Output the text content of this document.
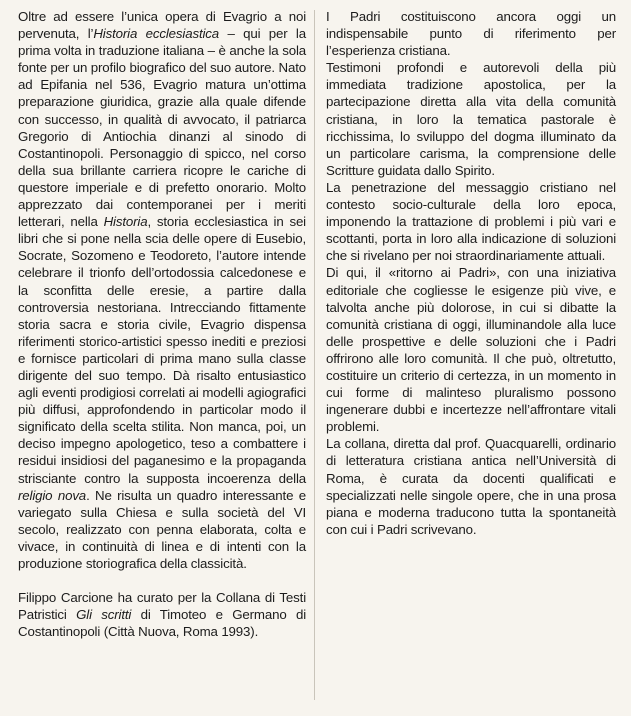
Oltre ad essere l’unica opera di Evagrio a noi pervenuta, l’Historia ecclesiastica – qui per la prima volta in traduzione italiana – è anche la sola fonte per un profilo biografico del suo autore. Nato ad Epifania nel 536, Evagrio matura un’ottima preparazione giuridica, grazie alla quale difende con successo, in qualità di avvocato, il patriarca Gregorio di Antiochia dinanzi al sinodo di Costantinopoli. Personaggio di spicco, nel corso della sua brillante carriera ricopre le cariche di questore imperiale e di prefetto onorario. Molto apprezzato dai contemporanei per i meriti letterari, nella Historia, storia ecclesiastica in sei libri che si pone nella scia delle opere di Eusebio, Socrate, Sozomeno e Teodoreto, l’autore intende celebrare il trionfo dell’ortodossia calcedonese e la sconfitta delle eresie, a partire dalla controversia nestoriana. Intrecciando fittamente storia sacra e storia civile, Evagrio dispensa riferimenti storico-artistici spesso inediti e preziosi e fornisce particolari di prima mano sulla classe dirigente del suo tempo. Dà risalto entusiastico agli eventi prodigiosi correlati ai modelli agiografici più diffusi, approfondendo in particolar modo il significato della scelta stilita. Non manca, poi, un deciso impegno apologetico, teso a combattere i residui insidiosi del paganesimo e la propaganda strisciante contro la supposta incoerenza della religio nova. Ne risulta un quadro interessante e variegato sulla Chiesa e sulla società del VI secolo, realizzato con penna elaborata, colta e vivace, in continuità di linea e di intenti con la produzione storiografica della classicità.

Filippo Carcione ha curato per la Collana di Testi Patristici Gli scritti di Timoteo e Germano di Costantinopoli (Città Nuova, Roma 1993).

I Padri costituiscono ancora oggi un indispensabile punto di riferimento per l’esperienza cristiana.

Testimoni profondi e autorevoli della più immediata tradizione apostolica, per la partecipazione diretta alla vita della comunità cristiana, in loro la tematica pastorale è ricchissima, lo sviluppo del dogma illuminato da un particolare carisma, la comprensione delle Scritture guidata dallo Spirito.

La penetrazione del messaggio cristiano nel contesto socio-culturale della loro epoca, imponendo la trattazione di problemi i più vari e scottanti, porta in loro alla indicazione di soluzioni che si rivelano per noi straordinariamente attuali.

Di qui, il «ritorno ai Padri», con una iniziativa editoriale che cogliesse le esigenze più vive, e talvolta anche più dolorose, in cui si dibatte la comunità cristiana di oggi, illuminandole alla luce delle prospettive e delle soluzioni che i Padri offrirono alle loro comunità. Il che può, oltretutto, costituire un criterio di certezza, in un momento in cui forme di malinteso pluralismo possono ingenerare dubbi e incertezze nell’affrontare vitali problemi.

La collana, diretta dal prof. Quacquarelli, ordinario di letteratura cristiana antica nell’Università di Roma, è curata da docenti qualificati e specializzati nelle singole opere, che in una prosa piana e moderna traducono tutta la spontaneità con cui i Padri scrivevano.
